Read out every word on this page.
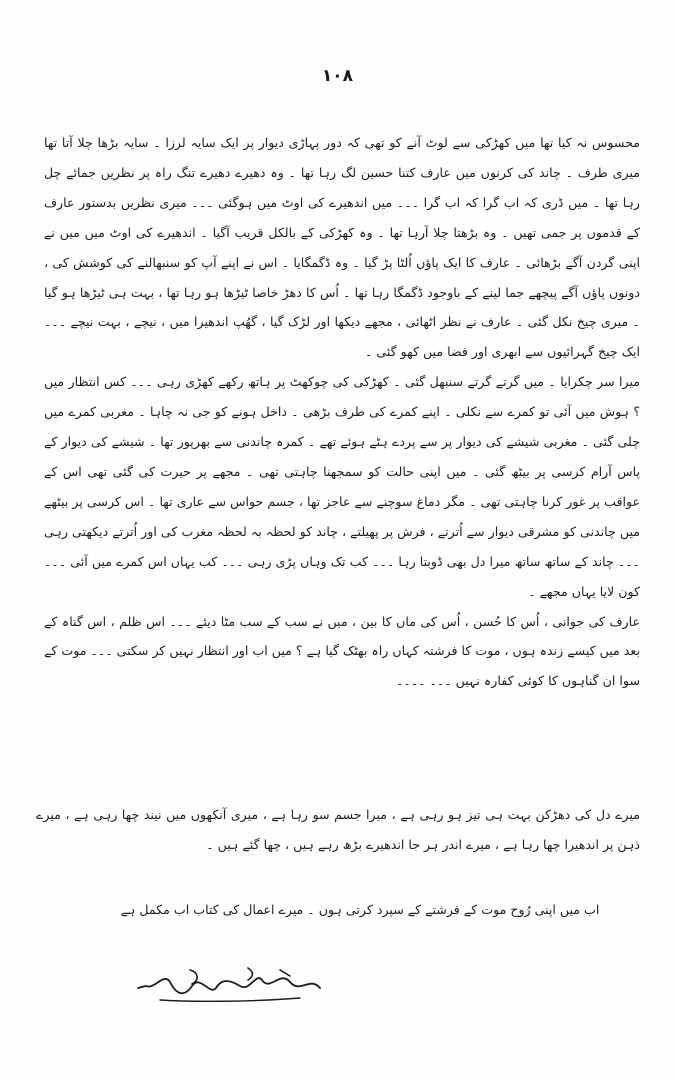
۱۰۸
محسوس نہ کیا تھا میں کھڑکی سے لوٹ آنے کو تھی کہ دور پہاڑی دیوار پر ایک سایہ لرزا ۔ سایہ بڑھا چلا آتا تھا میری طرف ۔ چاند کی کرنوں میں عارف کتنا حسین لگ رہا تھا ۔ وہ دھیرے دھیرے تنگ راہ پر نظریں جمائے چل رہا تھا ۔ میں ڈری کہ اب گرا کہ اب گرا ۔۔۔ میں اندھیرے کی اوٹ میں ہوگئی ۔۔۔ میری نظریں بدستور عارف کے قدموں پر جمی تھیں ۔ وہ بڑھتا چلا آرہا تھا ۔ وہ کھڑکی کے بالکل قریب آگیا ۔ اندھیرے کی اوٹ میں میں نے اپنی گردن آگے بڑھائی ۔ عارف کا ایک پاؤں اُلٹا پڑ گیا ۔ وہ ڈگمگایا ۔ اس نے اپنے آپ کو سنبھالنے کی کوشش کی ، دونوں پاؤں آگے پیچھے جما لینے کے باوجود ڈگمگا رہا تھا ۔ اُس کا دھڑ خاصا ٹیڑھا ہو رہا تھا ، بہت ہی ٹیڑھا ہو گیا ۔ میری چیخ نکل گئی ۔ عارف نے نظر اٹھائی ، مجھے دیکھا اور لڑک گیا ، گھُپ اندھیرا میں ، نیچے ، بہت نیچے ۔۔۔ ایک چیخ گہرائیوں سے ابھری اور فضا میں کھو گئی ۔
میرا سر چکرایا ۔ میں گرتے گرتے سنبھل گئی ۔ کھڑکی کی چوکھٹ پر ہاتھ رکھے کھڑی رہی ۔۔۔ کس انتظار میں ؟ ہوش میں آئی تو کمرے سے نکلی ۔ اپنے کمرے کی طرف بڑھی ۔ داخل ہونے کو جی نہ چاہا ۔ مغربی کمرے میں چلی گئی ۔ مغربی شیشے کی دیوار پر سے پردے ہٹے ہوئے تھے ۔ کمرہ چاندنی سے بھرپور تھا ۔ شیشے کی دیوار کے پاس آرام کرسی پر بیٹھ گئی ۔ میں اپنی حالت کو سمجھنا چاہتی تھی ۔ مجھے پر حیرت کی گئی تھی اس کے عواقب پر غور کرنا چاہتی تھی ۔ مگر دماغ سوچنے سے عاجز تھا ، جسم حواس سے عاری تھا ۔ اس کرسی پر بیٹھے میں چاندنی کو مشرقی دیوار سے اُترتے ، فرش پر پھیلتے ، چاند کو لحظہ بہ لحظہ مغرب کی اور اُترتے دیکھتی رہی ۔۔۔ چاند کے ساتھ ساتھ میرا دل بھی ڈوبتا رہا ۔۔۔ کب تک وہاں پڑی رہی ۔۔۔ کب یہاں اس کمرے میں آئی ۔۔۔ کون لایا یہاں مجھے ۔
عارف کی جوانی ، اُس کا حُسن ، اُس کی ماں کا بین ، میں نے سب کے سب مٹا دیئے ۔۔۔ اس ظلم ، اس گناہ کے بعد میں کیسے زندہ ہوں ، موت کا فرشتہ کہاں راہ بھٹک گیا ہے ؟ میں اب اور انتظار نہیں کر سکتی ۔۔۔ موت کے سوا ان گناہوں کا کوئی کفارہ نہیں ۔۔۔ ۔۔۔۔
میرے دل کی دھڑکن بہت ہی تیز ہو رہی ہے ، میرا جسم سو رہا ہے ، میری آنکھوں میں نیند چھا رہی ہے ، میرے ذہن پر اندھیرا چھا رہا ہے ، میرے اندر ہر جا اندھیرے بڑھ رہے ہیں ، چھا گئے ہیں ۔
اب میں اپنی رُوح موت کے فرشتے کے سپرد کرتی ہوں ۔ میرے اعمال کی کتاب اب مکمل ہے
